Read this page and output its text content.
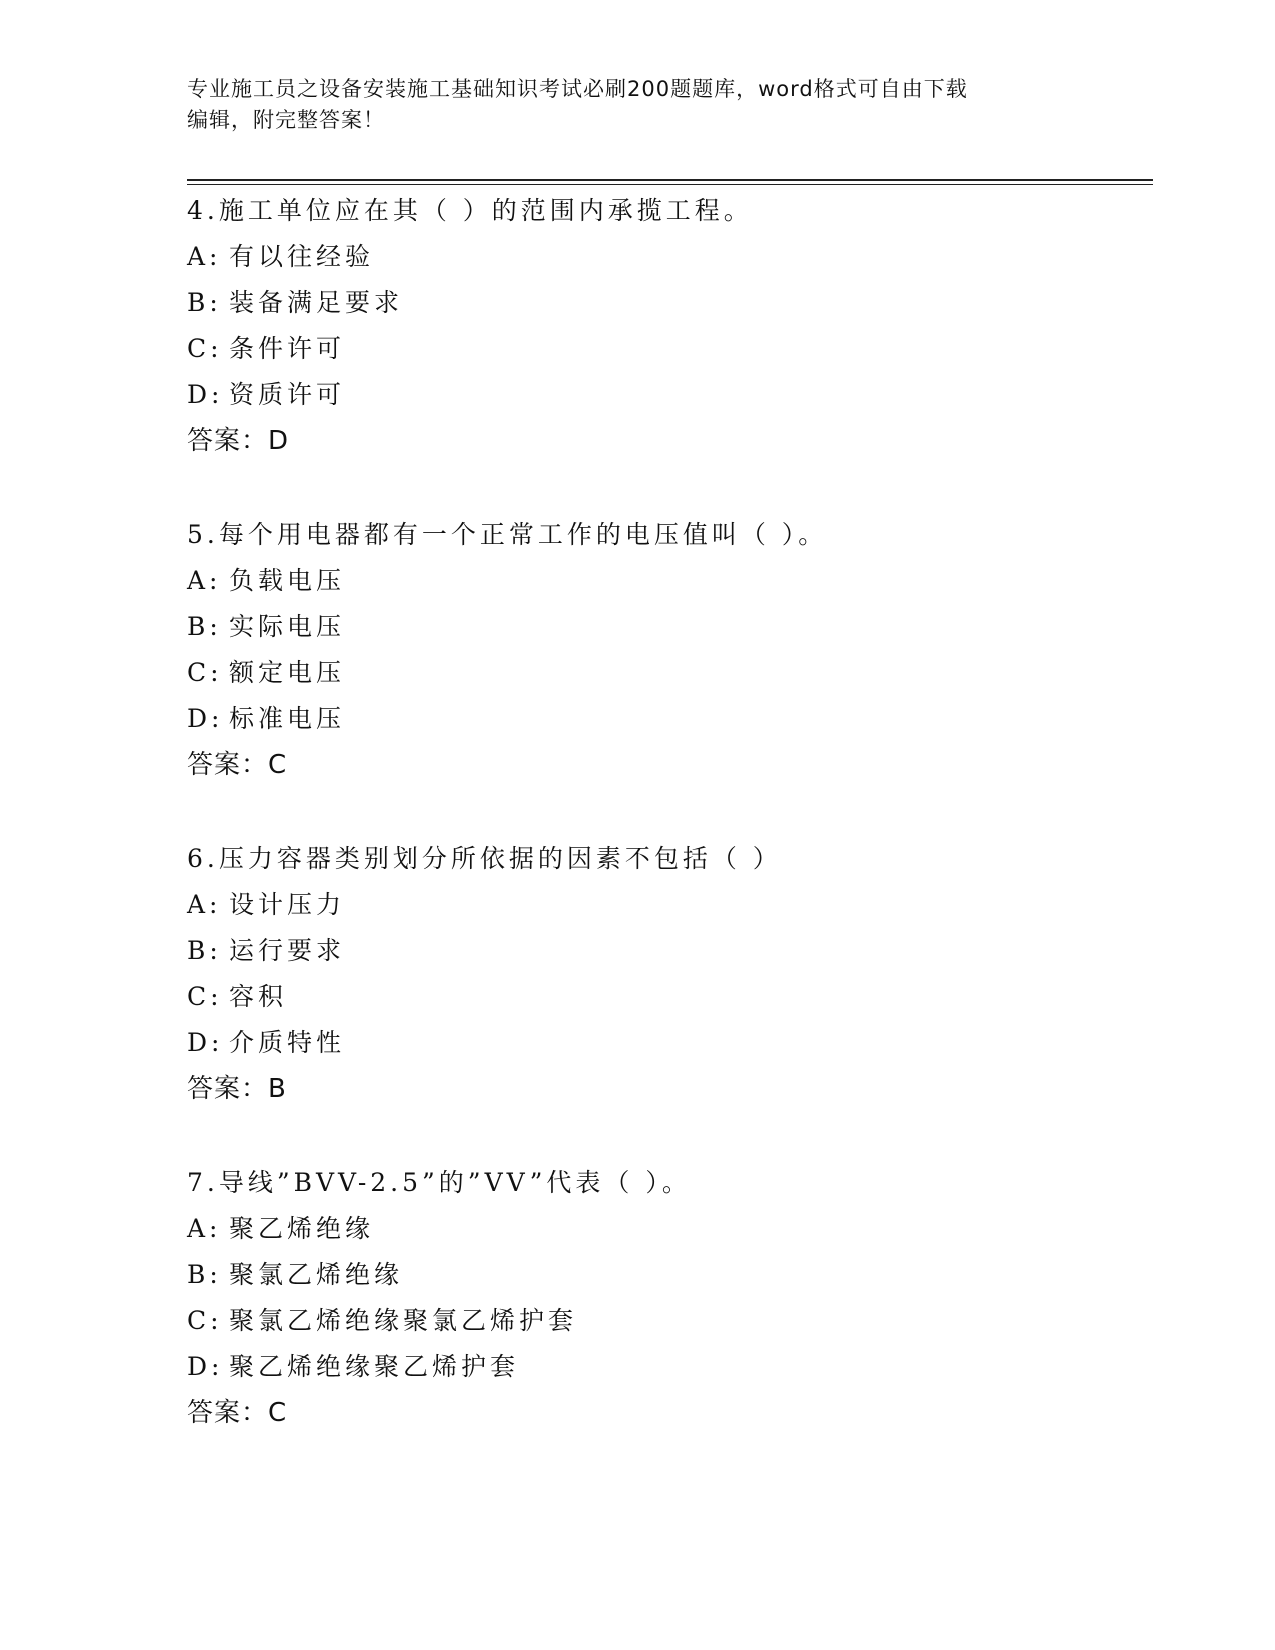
专业施工员之设备安装施工基础知识考试必刷200题题库，word格式可自由下载
编辑，附完整答案！
4.施工单位应在其（ ）的范围内承揽工程。
A: 有以往经验
B: 装备满足要求
C: 条件许可
D: 资质许可
答案：D
5.每个用电器都有一个正常工作的电压值叫（ ）。
A: 负载电压
B: 实际电压
C: 额定电压
D: 标准电压
答案：C
6.压力容器类别划分所依据的因素不包括（ ）
A: 设计压力
B: 运行要求
C: 容积
D: 介质特性
答案：B
7.导线”BVV-2.5”的”VV”代表（ ）。
A: 聚乙烯绝缘
B: 聚氯乙烯绝缘
C: 聚氯乙烯绝缘聚氯乙烯护套
D: 聚乙烯绝缘聚乙烯护套
答案：C
